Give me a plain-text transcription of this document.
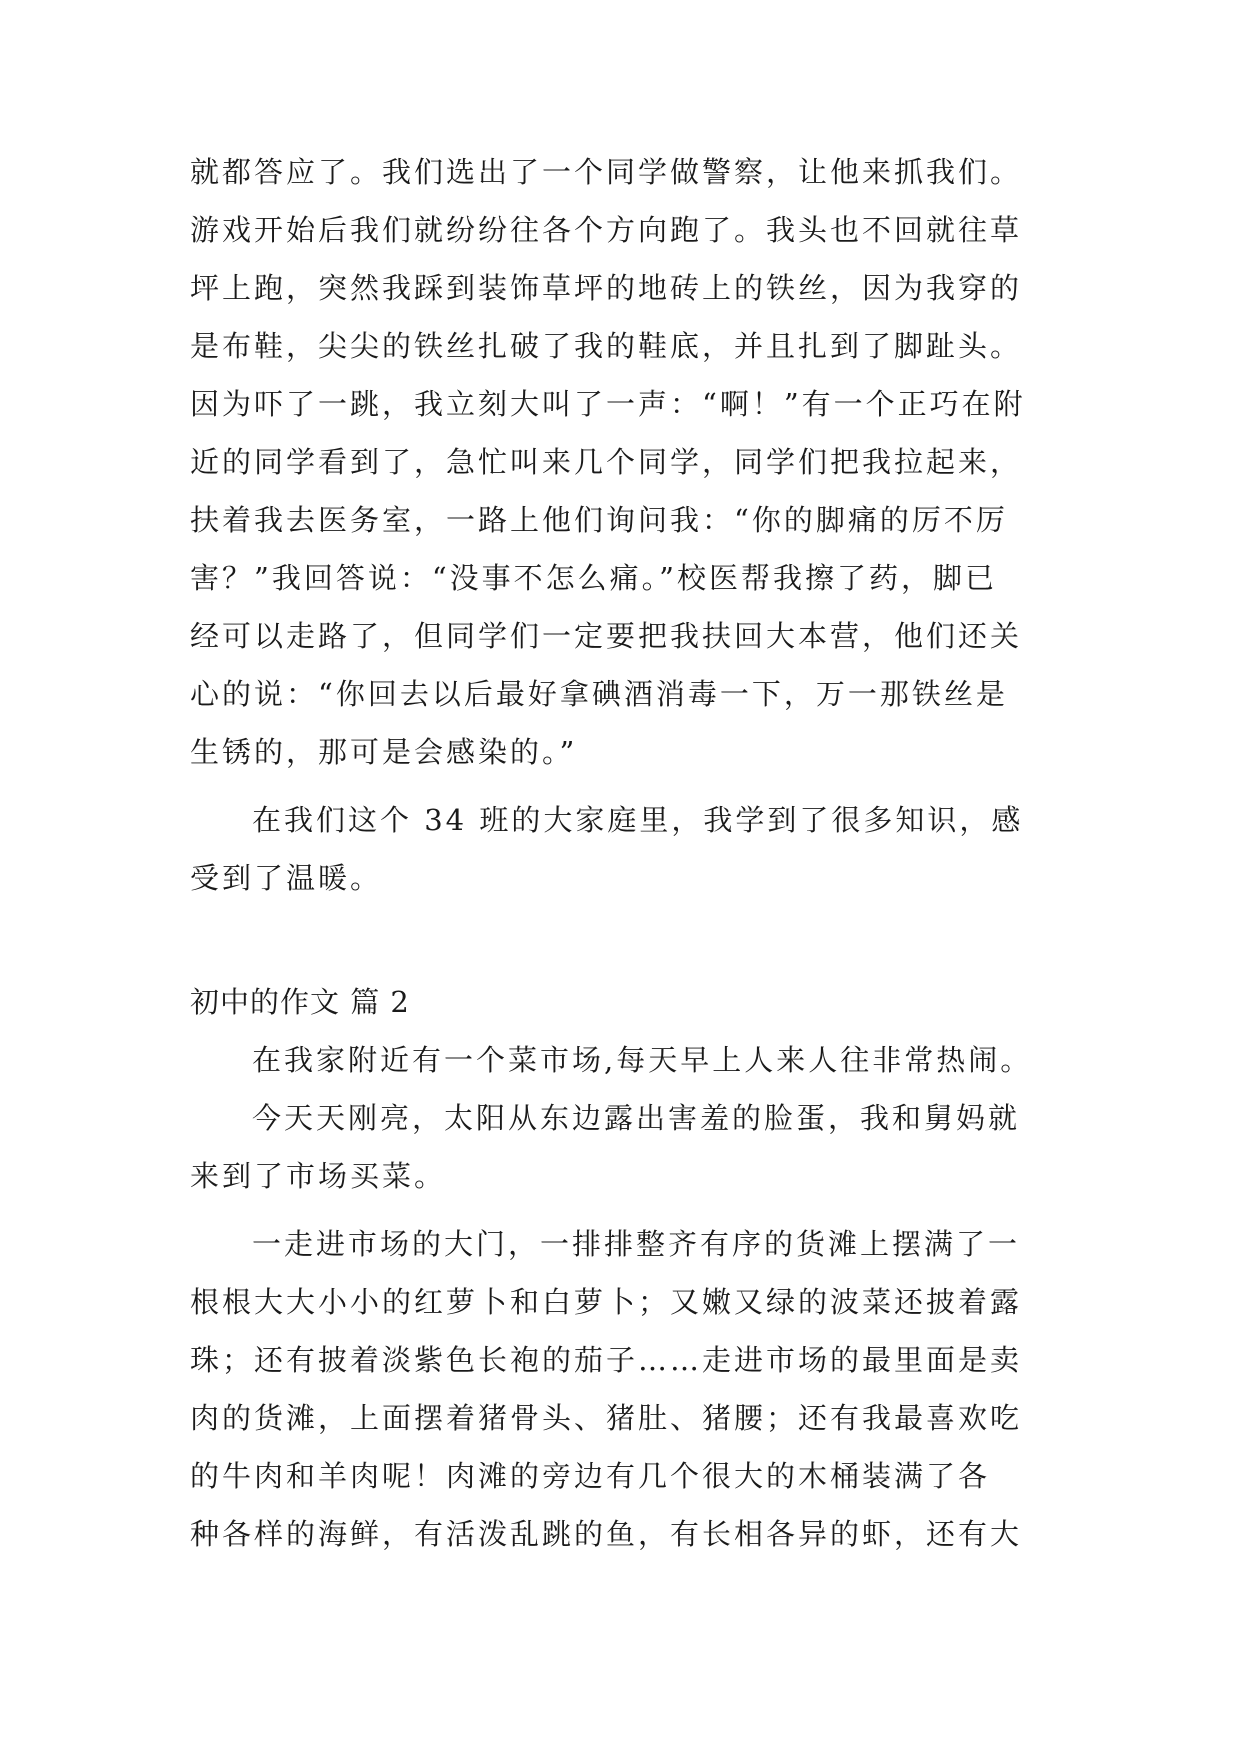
就都答应了。我们选出了一个同学做警察，让他来抓我们。
游戏开始后我们就纷纷往各个方向跑了。我头也不回就往草
坪上跑，突然我踩到装饰草坪的地砖上的铁丝，因为我穿的
是布鞋，尖尖的铁丝扎破了我的鞋底，并且扎到了脚趾头。
因为吓了一跳，我立刻大叫了一声：“啊！”有一个正巧在附
近的同学看到了，急忙叫来几个同学，同学们把我拉起来，
扶着我去医务室，一路上他们询问我：“你的脚痛的厉不厉
害？”我回答说：“没事不怎么痛。”校医帮我擦了药，脚已
经可以走路了，但同学们一定要把我扶回大本营，他们还关
心的说：“你回去以后最好拿碘酒消毒一下，万一那铁丝是
生锈的，那可是会感染的。”
在我们这个 34 班的大家庭里，我学到了很多知识，感
受到了温暖。
初中的作文 篇 2
在我家附近有一个菜市场,每天早上人来人往非常热闹。
今天天刚亮，太阳从东边露出害羞的脸蛋，我和舅妈就
来到了市场买菜。
一走进市场的大门，一排排整齐有序的货滩上摆满了一
根根大大小小的红萝卜和白萝卜；又嫩又绿的波菜还披着露
珠；还有披着淡紫色长袍的茄子……走进市场的最里面是卖
肉的货滩，上面摆着猪骨头、猪肚、猪腰；还有我最喜欢吃
的牛肉和羊肉呢！肉滩的旁边有几个很大的木桶装满了各
种各样的海鲜，有活泼乱跳的鱼，有长相各异的虾，还有大
